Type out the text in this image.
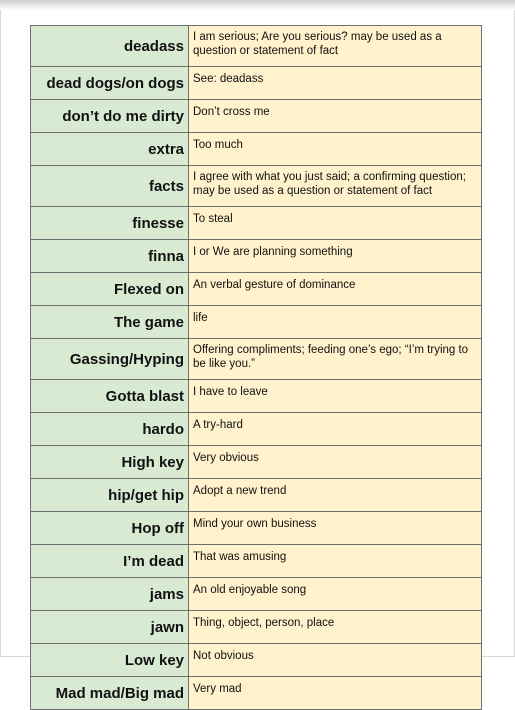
deadass	I am serious; Are you serious? may be used as a question or statement of fact
dead dogs/on dogs	See: deadass
don’t do me dirty	Don’t cross me
extra	Too much
facts	I agree with what you just said; a confirming question; may be used as a question or statement of fact
finesse	To steal
finna	I or We are planning something
Flexed on	An verbal gesture of dominance
The game	life
Gassing/Hyping	Offering compliments; feeding one’s ego; “I’m trying to be like you.”
Gotta blast	I have to leave
hardo	A try-hard
High key	Very obvious
hip/get hip	Adopt a new trend
Hop off	Mind your own business
I’m dead	That was amusing
jams	An old enjoyable song
jawn	Thing, object, person, place
Low key	Not obvious
Mad mad/Big mad	Very mad
